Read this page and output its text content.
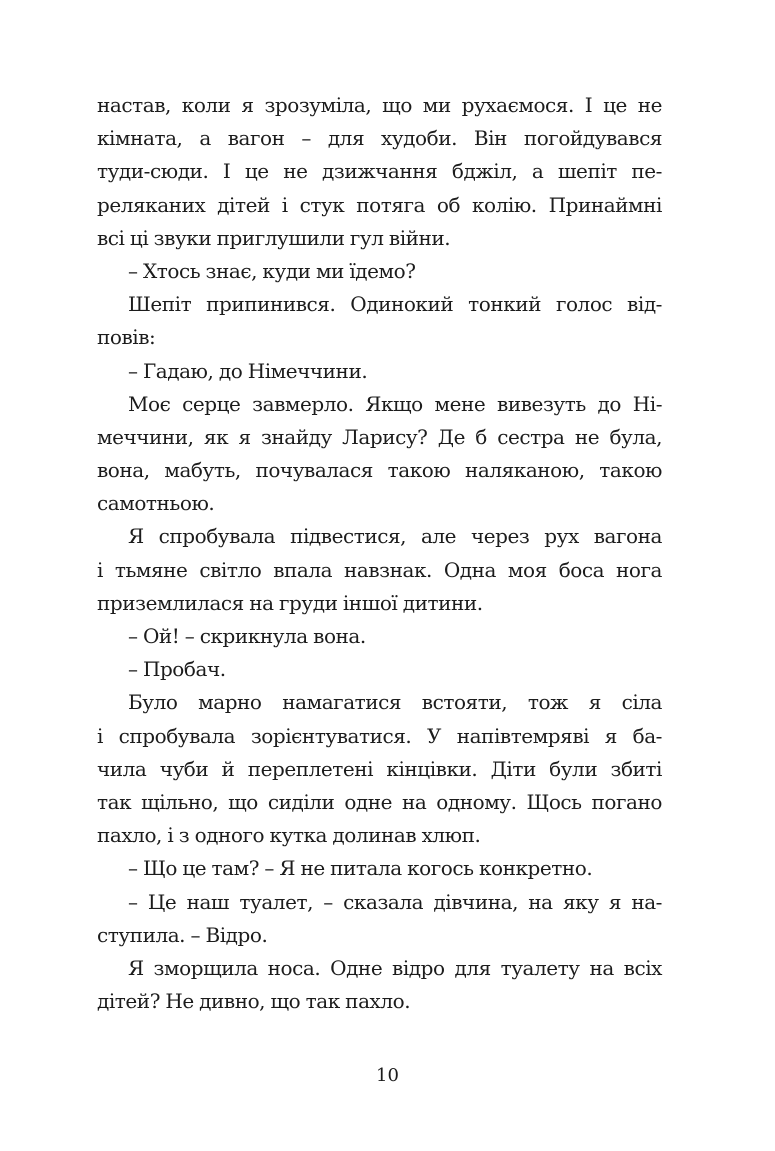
настав, коли я зрозуміла, що ми рухаємося. І це не
кімната, а вагон – для худоби. Він погойдувався
туди-сюди. І це не дзижчання бджіл, а шепіт пе-
реляканих дітей і стук потяга об колію. Принаймні
всі ці звуки приглушили гул війни.
– Хтось знає, куди ми їдемо?
Шепіт припинився. Одинокий тонкий голос від-
повів:
– Гадаю, до Німеччини.
Моє серце завмерло. Якщо мене вивезуть до Ні-
меччини, як я знайду Ларису? Де б сестра не була,
вона, мабуть, почувалася такою наляканою, такою
самотньою.
Я спробувала підвестися, але через рух вагона
і тьмяне світло впала навзнак. Одна моя боса нога
приземлилася на груди іншої дитини.
– Ой! – скрикнула вона.
– Пробач.
Було марно намагатися встояти, тож я сіла
і спробувала зорієнтуватися. У напівтемряві я ба-
чила чуби й переплетені кінцівки. Діти були збиті
так щільно, що сиділи одне на одному. Щось погано
пахло, і з одного кутка долинав хлюп.
– Що це там? – Я не питала когось конкретно.
– Це наш туалет, – сказала дівчина, на яку я на-
ступила. – Відро.
Я зморщила носа. Одне відро для туалету на всіх
дітей? Не дивно, що так пахло.
10
